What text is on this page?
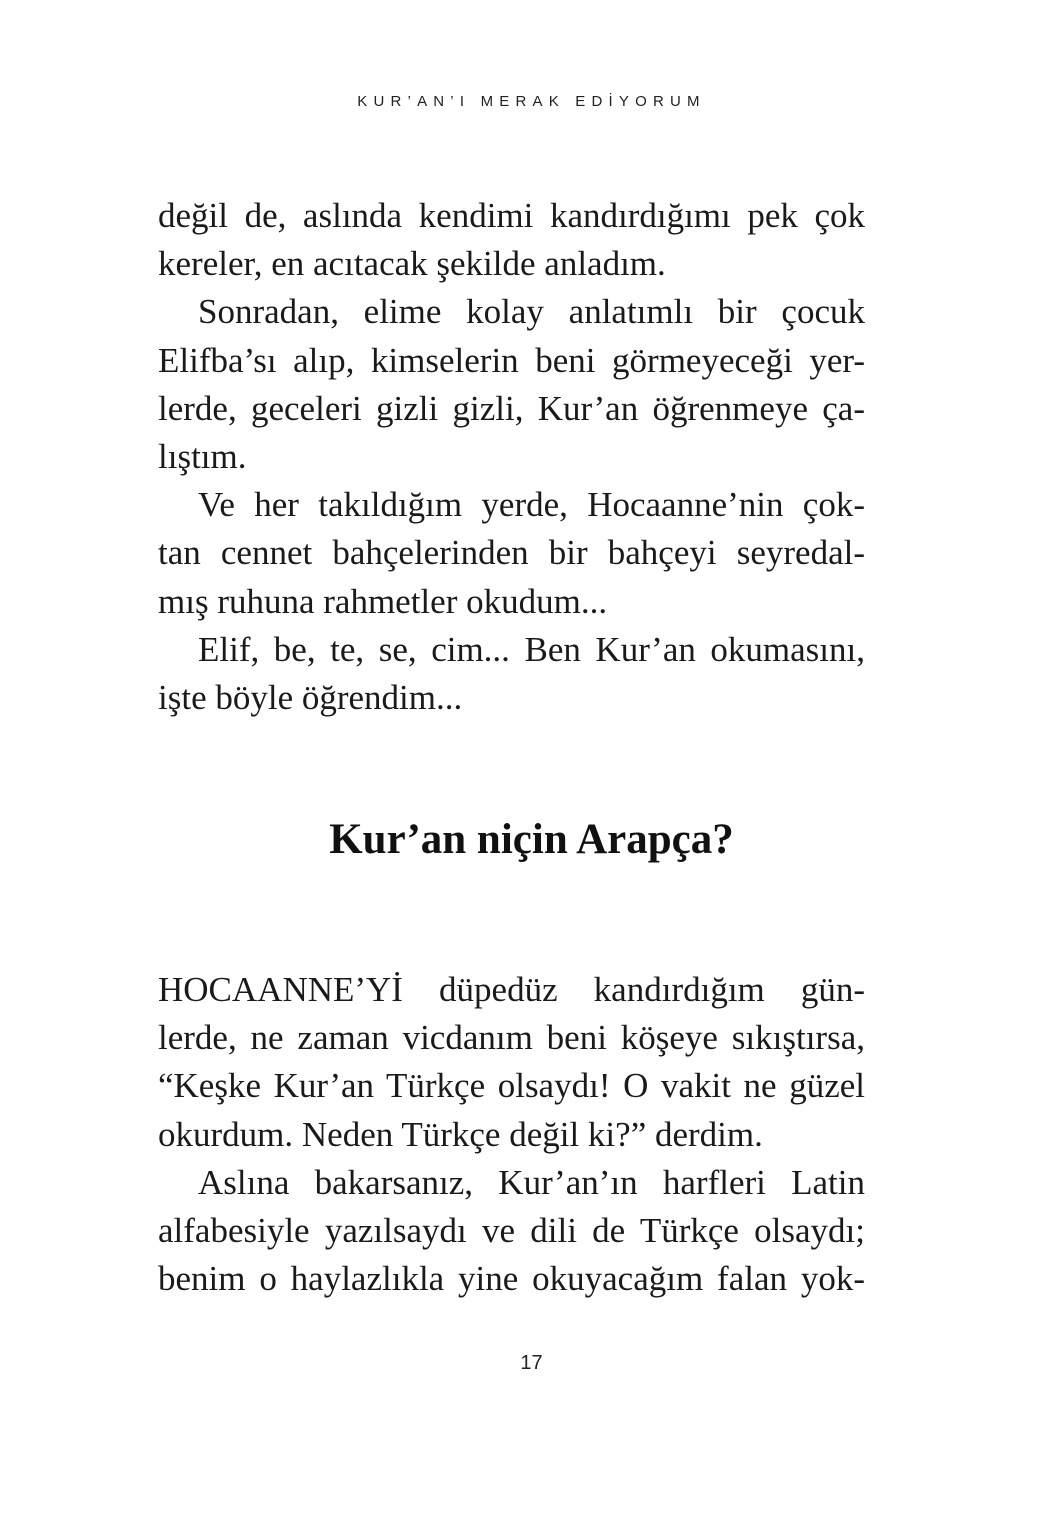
KUR’AN’I MERAK EDİYORUM

değil de, aslında kendimi kandırdığımı pek çok
kereler, en acıtacak şekilde anladım.

Sonradan, elime kolay anlatımlı bir çocuk
Elifba’sı alıp, kimselerin beni görmeyeceği yer-
lerde, geceleri gizli gizli, Kur’an öğrenmeye ça-
lıştım.

Ve her takıldığım yerde, Hocaanne’nin çok-
tan cennet bahçelerinden bir bahçeyi seyredal-
mış ruhuna rahmetler okudum...

Elif, be, te, se, cim... Ben Kur’an okumasını,
işte böyle öğrendim...

Kur’an niçin Arapça?

HOCAANNE’Yİ düpedüz kandırdığım gün-
lerde, ne zaman vicdanım beni köşeye sıkıştırsa,
“Keşke Kur’an Türkçe olsaydı! O vakit ne güzel
okurdum. Neden Türkçe değil ki?” derdim.

Aslına bakarsanız, Kur’an’ın harfleri Latin
alfabesiyle yazılsaydı ve dili de Türkçe olsaydı;
benim o haylazlıkla yine okuyacağım falan yok-

17
